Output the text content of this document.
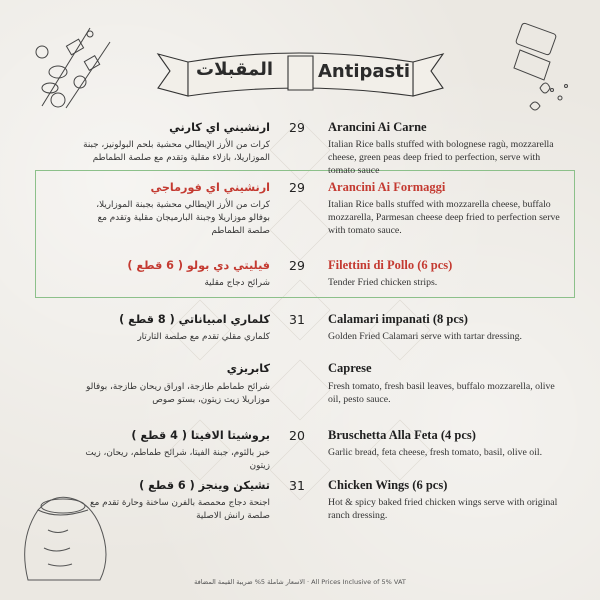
Antipasti
المقبلات
Arancini Ai Carne
Italian Rice balls stuffed with bolognese ragù, mozzarella cheese, green peas deep fried to perfection, serve with tomato sauce
29
ارنشيني اي كارني
كرات من الأرز الإيطالي محشية بلحم البولونيز، جبنة الموزاريلا، بازلاء مقلية وتقدم مع صلصة الطماطم
Arancini Ai Formaggi
Italian Rice balls stuffed with mozzarella cheese, buffalo mozzarella, Parmesan cheese deep fried to perfection serve with tomato sauce.
29
ارنشيني اي فورماجي
كرات من الأرز الإيطالي محشية بجبنة الموزاريلا، بوفالو موزاريلا وجبنة البارميجان مقلية وتقدم مع صلصة الطماطم
Filettini di Pollo (6 pcs)
Tender Fried chicken strips.
29
فيليتي دي بولو ( 6 قطع )
شرائح دجاج مقلية
Calamari impanati (8 pcs)
Golden Fried Calamari serve with tartar dressing.
31
كلماري امبياناتي ( 8 قطع )
كلماري مقلي تقدم مع صلصة التارتار
Caprese
Fresh tomato, fresh basil leaves, buffalo mozzarella, olive oil, pesto sauce.
كابريزي
شرائح طماطم طازجة، اوراق ريحان طازجة، بوفالو موزاريلا زيت زيتون، بستو صوص
Bruschetta Alla Feta (4 pcs)
Garlic bread, feta cheese, fresh tomato, basil, olive oil.
20
بروشيتا الافيتا ( 4 قطع )
خبز بالثوم، جبنة الفيتا، شرائح طماطم، ريحان، زيت زيتون
Chicken Wings (6 pcs)
Hot & spicy baked fried chicken wings serve with original ranch dressing.
31
تشيكن وينجز ( 6 قطع )
اجنحة دجاج محمصة بالفرن ساخنة وحارة تقدم مع صلصة رانش الاصلية
الاسعار شاملة 5% ضريبة القيمة المضافة · All Prices Inclusive of 5% VAT
